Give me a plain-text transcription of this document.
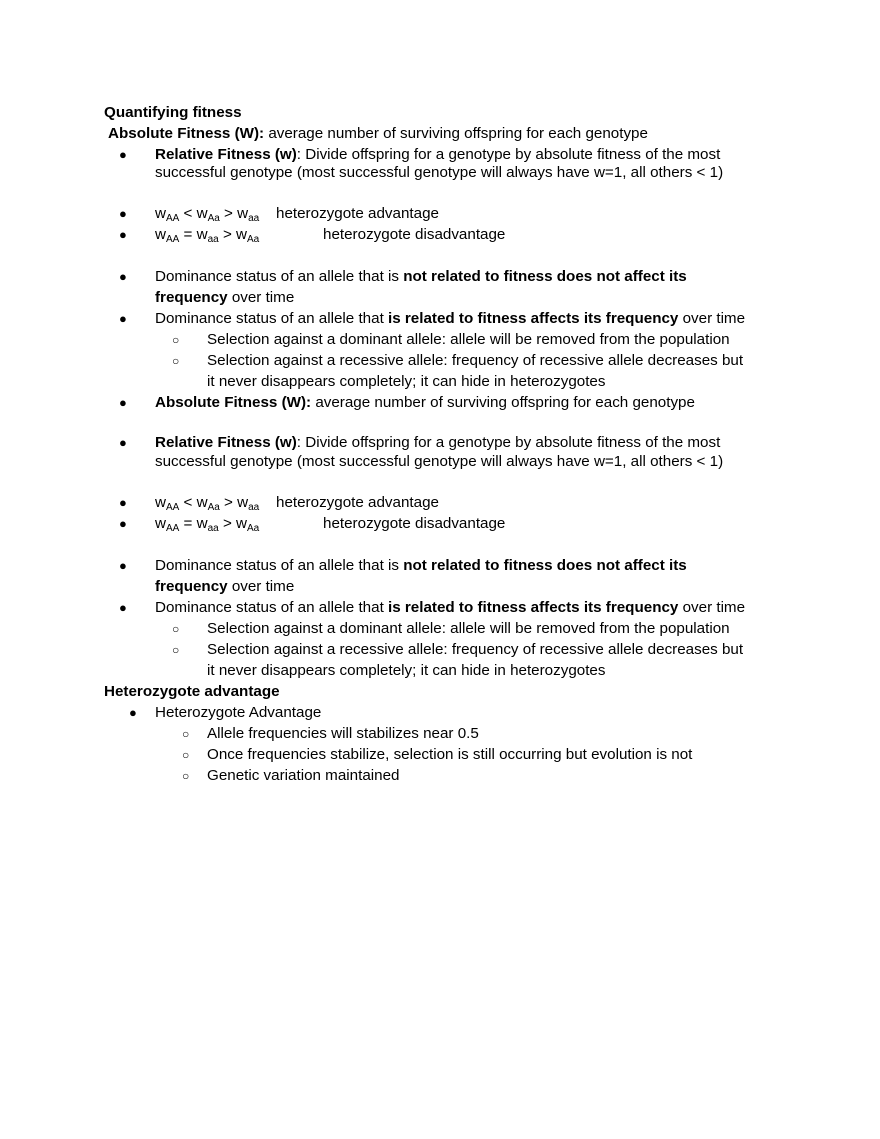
Quantifying fitness
Absolute Fitness (W): average number of surviving offspring for each genotype
● Relative Fitness (w): Divide offspring for a genotype by absolute fitness of the most
successful genotype (most successful genotype will always have w=1, all others < 1)
● $w_{AA} < w_{Aa} > w_{aa}$ heterozygote advantage
● $w_{AA} = w_{aa} > w_{Aa}$	heterozygote disadvantage
● Dominance status of an allele that is not related to fitness does not affect its
frequency over time
● Dominance status of an allele that is related to fitness affects its frequency over time
○ Selection against a dominant allele: allele will be removed from the population
○ Selection against a recessive allele: frequency of recessive allele decreases but
it never disappears completely; it can hide in heterozygotes
● Absolute Fitness (W): average number of surviving offspring for each genotype
● Relative Fitness (w): Divide offspring for a genotype by absolute fitness of the most
successful genotype (most successful genotype will always have w=1, all others < 1)
● $w_{AA} < w_{Aa} > w_{aa}$ heterozygote advantage
● $w_{AA} = w_{aa} > w_{Aa}$	heterozygote disadvantage
● Dominance status of an allele that is not related to fitness does not affect its
frequency over time
● Dominance status of an allele that is related to fitness affects its frequency over time
○ Selection against a dominant allele: allele will be removed from the population
○ Selection against a recessive allele: frequency of recessive allele decreases but
it never disappears completely; it can hide in heterozygotes
Heterozygote advantage
● Heterozygote Advantage
○ Allele frequencies will stabilizes near 0.5
○ Once frequencies stabilize, selection is still occurring but evolution is not
○ Genetic variation maintained
